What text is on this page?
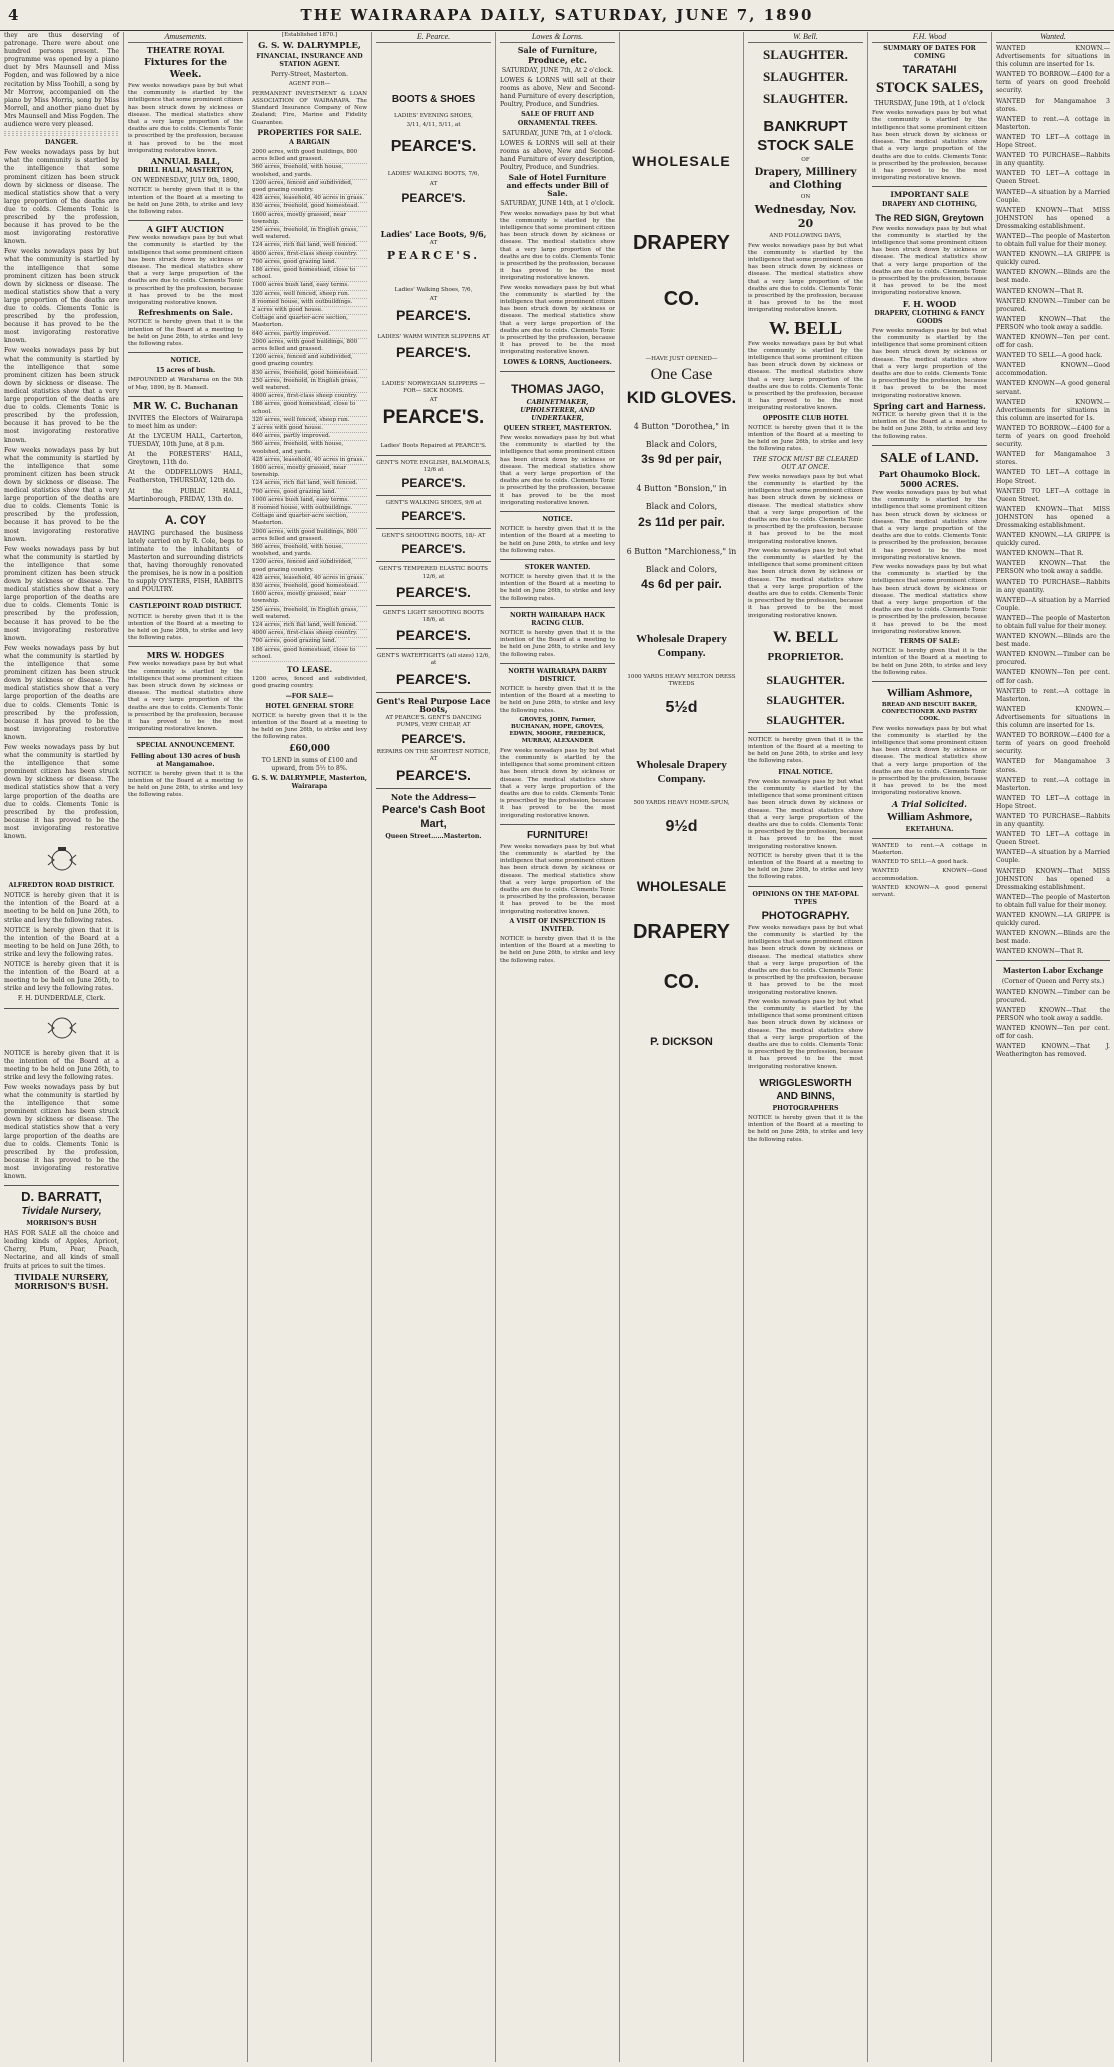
4	THE WAIRARAPA DAILY, SATURDAY, JUNE 7, 1890

they are thus deserving of patronage. There were about one hundred persons present. The programme was opened by a piano duet by Mrs Maunsell and Miss Fogden, and was followed by a nice recitation by Miss Toohill, a song by Mr Morrow, accompanied on the piano by Miss Morris, song by Miss Morrell, and another piano duet by Mrs Maunsell and Miss Fogden. The audience were very pleased.

DANGER.

Few weeks nowadays pass by but what the community is startled by the intelligence that some prominent citizen has been struck down by sickness or disease. The medical statistics show that a very large proportion of the deaths are due to colds. Clements Tonic is prescribed by the profession, because it has proved to be the most invigorating restorative known.

Few weeks nowadays pass by but what the community is startled by the intelligence that some prominent citizen has been struck down by sickness or disease. The medical statistics show that a very large proportion of the deaths are due to colds. Clements Tonic is prescribed by the profession, because it has proved to be the most invigorating restorative known.

Few weeks nowadays pass by but what the community is startled by the intelligence that some prominent citizen has been struck down by sickness or disease. The medical statistics show that a very large proportion of the deaths are due to colds. Clements Tonic is prescribed by the profession, because it has proved to be the most invigorating restorative known.

Few weeks nowadays pass by but what the community is startled by the intelligence that some prominent citizen has been struck down by sickness or disease. The medical statistics show that a very large proportion of the deaths are due to colds. Clements Tonic is prescribed by the profession, because it has proved to be the most invigorating restorative known.

Few weeks nowadays pass by but what the community is startled by the intelligence that some prominent citizen has been struck down by sickness or disease. The medical statistics show that a very large proportion of the deaths are due to colds. Clements Tonic is prescribed by the profession, because it has proved to be the most invigorating restorative known.

Few weeks nowadays pass by but what the community is startled by the intelligence that some prominent citizen has been struck down by sickness or disease. The medical statistics show that a very large proportion of the deaths are due to colds. Clements Tonic is prescribed by the profession, because it has proved to be the most invigorating restorative known.

Few weeks nowadays pass by but what the community is startled by the intelligence that some prominent citizen has been struck down by sickness or disease. The medical statistics show that a very large proportion of the deaths are due to colds. Clements Tonic is prescribed by the profession, because it has proved to be the most invigorating restorative known.

ALFREDTON ROAD DISTRICT.

NOTICE is hereby given that it is the intention of the Board at a meeting to be held on June 26th, to strike and levy the following rates.

NOTICE is hereby given that it is the intention of the Board at a meeting to be held on June 26th, to strike and levy the following rates.

NOTICE is hereby given that it is the intention of the Board at a meeting to be held on June 26th, to strike and levy the following rates.

F. H. DUNDERDALE, Clerk.

NOTICE is hereby given that it is the intention of the Board at a meeting to be held on June 26th, to strike and levy the following rates.

Few weeks nowadays pass by but what the community is startled by the intelligence that some prominent citizen has been struck down by sickness or disease. The medical statistics show that a very large proportion of the deaths are due to colds. Clements Tonic is prescribed by the profession, because it has proved to be the most invigorating restorative known.

D. BARRATT,

Tividale Nursery,

MORRISON'S BUSH

HAS FOR SALE all the choice and leading kinds of Apples, Apricot, Cherry, Plum, Pear, Peach, Nectarine, and all kinds of small fruits at prices to suit the times.

TIVIDALE NURSERY, MORRISON'S BUSH.

Amusements.

THEATRE ROYAL

Fixtures for the Week.

Few weeks nowadays pass by but what the community is startled by the intelligence that some prominent citizen has been struck down by sickness or disease. The medical statistics show that a very large proportion of the deaths are due to colds. Clements Tonic is prescribed by the profession, because it has proved to be the most invigorating restorative known.

ANNUAL BALL,

DRILL HALL, MASTERTON,

ON WEDNESDAY, JULY 9th, 1890,

NOTICE is hereby given that it is the intention of the Board at a meeting to be held on June 26th, to strike and levy the following rates.

A GIFT AUCTION

Few weeks nowadays pass by but what the community is startled by the intelligence that some prominent citizen has been struck down by sickness or disease. The medical statistics show that a very large proportion of the deaths are due to colds. Clements Tonic is prescribed by the profession, because it has proved to be the most invigorating restorative known.

Refreshments on Sale.

NOTICE is hereby given that it is the intention of the Board at a meeting to be held on June 26th, to strike and levy the following rates.

NOTICE.

15 acres of bush.

IMPOUNDED at Waraharua on the 5th of May, 1890, by B. Mansell.

MR W. C. Buchanan

INVITES the Electors of Wairarapa to meet him as under:

At the LYCEUM HALL, Carterton, TUESDAY, 10th June, at 8 p.m.

At the FORESTERS' HALL, Greytown, 11th do.

At the ODDFELLOWS HALL, Featherston, THURSDAY, 12th do.

At the PUBLIC HALL, Martinborough, FRIDAY, 13th do.

A. COY

HAVING purchased the business lately carried on by R. Cole, begs to intimate to the inhabitants of Masterton and surrounding districts that, having thoroughly renovated the premises, he is now in a position to supply OYSTERS, FISH, RABBITS and POULTRY.

CASTLEPOINT ROAD DISTRICT.

NOTICE is hereby given that it is the intention of the Board at a meeting to be held on June 26th, to strike and levy the following rates.

MRS W. HODGES

Few weeks nowadays pass by but what the community is startled by the intelligence that some prominent citizen has been struck down by sickness or disease. The medical statistics show that a very large proportion of the deaths are due to colds. Clements Tonic is prescribed by the profession, because it has proved to be the most invigorating restorative known.

SPECIAL ANNOUNCEMENT.

Felling about 130 acres of bush at Mangamahoe.

NOTICE is hereby given that it is the intention of the Board at a meeting to be held on June 26th, to strike and levy the following rates.

[Established 1870.]

G. S. W. DALRYMPLE,

FINANCIAL, INSURANCE AND STATION AGENT.

Perry-Street, Masterton.

AGENT FOR—

PERMANENT INVESTMENT & LOAN ASSOCIATION OF WAIRARAPA. The Standard Insurance Company of New Zealand; Fire, Marine and Fidelity Guarantee.

PROPERTIES FOR SALE.

A BARGAIN

2000 acres, with good buildings, 800 acres felled and grassed.
560 acres, freehold, with house, woolshed, and yards.
1200 acres, fenced and subdivided, good grazing country.
428 acres, leasehold, 40 acres in grass.
830 acres, freehold, good homestead.
1600 acres, mostly grassed, near township.
250 acres, freehold, in English grass, well watered.
124 acres, rich flat land, well fenced.
4000 acres, first-class sheep country.
700 acres, good grazing land.
186 acres, good homestead, close to school.
1000 acres bush land, easy terms.
320 acres, well fenced, sheep run.
8 roomed house, with outbuildings.
2 acres with good house.
Cottage and quarter-acre section, Masterton.
640 acres, partly improved.
2000 acres, with good buildings, 800 acres felled and grassed.
1200 acres, fenced and subdivided, good grazing country.
830 acres, freehold, good homestead.
250 acres, freehold, in English grass, well watered.
4000 acres, first-class sheep country.
186 acres, good homestead, close to school.
320 acres, well fenced, sheep run.
2 acres with good house.
640 acres, partly improved.
560 acres, freehold, with house, woolshed, and yards.
428 acres, leasehold, 40 acres in grass.
1600 acres, mostly grassed, near township.
124 acres, rich flat land, well fenced.
700 acres, good grazing land.
1000 acres bush land, easy terms.
8 roomed house, with outbuildings.
Cottage and quarter-acre section, Masterton.
2000 acres, with good buildings, 800 acres felled and grassed.
560 acres, freehold, with house, woolshed, and yards.
1200 acres, fenced and subdivided, good grazing country.
428 acres, leasehold, 40 acres in grass.
830 acres, freehold, good homestead.
1600 acres, mostly grassed, near township.
250 acres, freehold, in English grass, well watered.
124 acres, rich flat land, well fenced.
4000 acres, first-class sheep country.
700 acres, good grazing land.
186 acres, good homestead, close to school.

TO LEASE.

1200 acres, fenced and subdivided, good grazing country.

—FOR SALE—

HOTEL GENERAL STORE

NOTICE is hereby given that it is the intention of the Board at a meeting to be held on June 26th, to strike and levy the following rates.

£60,000

TO LEND in sums of £100 and upward, from 5½ to 8%.

G. S. W. DALRYMPLE, Masterton, Wairarapa

E. Pearce.

BOOTS & SHOES

LADIES' EVENING SHOES,

3/11, 4/11, 5/11, at

PEARCE'S.

LADIES' WALKING BOOTS, 7/6,

AT

PEARCE'S.

Ladies' Lace Boots, 9/6,

AT

PEARCE'S.

Ladies' Walking Shoes, 7/6,

AT

PEARCE'S.

LADIES' WARM WINTER SLIPPERS AT

PEARCE'S.

LADIES' NORWEGIAN SLIPPERS —FOR— SICK ROOMS.

AT

PEARCE'S.

Ladies' Boots Repaired at PEARCE'S.

GENT'S NOTE ENGLISH, BALMORALS, 12/6 at

PEARCE'S.

GENT'S WALKING SHOES, 9/6 at

PEARCE'S.

GENT'S SHOOTING BOOTS, 18/- AT

PEARCE'S.

GENT'S TEMPERED ELASTIC BOOTS 12/6, at

PEARCE'S.

GENT'S LIGHT SHOOTING BOOTS 18/6, at

PEARCE'S.

GENT'S WATERTIGHTS (all sizes) 12/6, at

PEARCE'S.

Gent's Real Purpose Lace Boots,

AT PEARCE'S. GENT'S DANCING PUMPS, VERY CHEAP, AT

PEARCE'S.

REPAIRS ON THE SHORTEST NOTICE, AT

PEARCE'S.

Note the Address—

Pearce's Cash Boot Mart,

Queen Street……Masterton.

Lowes & Lorns.

Sale of Furniture, Produce, etc.

SATURDAY, JUNE 7th, At 2 o'clock.

LOWES & LORNS will sell at their rooms as above, New and Second-hand Furniture of every description, Poultry, Produce, and Sundries.

SALE OF FRUIT AND ORNAMENTAL TREES.

SATURDAY, JUNE 7th, at 1 o'clock.

LOWES & LORNS will sell at their rooms as above, New and Second-hand Furniture of every description, Poultry, Produce, and Sundries.

Sale of Hotel Furniture and effects under Bill of Sale.

SATURDAY, JUNE 14th, at 1 o'clock.

Few weeks nowadays pass by but what the community is startled by the intelligence that some prominent citizen has been struck down by sickness or disease. The medical statistics show that a very large proportion of the deaths are due to colds. Clements Tonic is prescribed by the profession, because it has proved to be the most invigorating restorative known.

Few weeks nowadays pass by but what the community is startled by the intelligence that some prominent citizen has been struck down by sickness or disease. The medical statistics show that a very large proportion of the deaths are due to colds. Clements Tonic is prescribed by the profession, because it has proved to be the most invigorating restorative known.

LOWES & LORNS, Auctioneers.

THOMAS JAGO,

CABINETMAKER, UPHOLSTERER, AND UNDERTAKER,

QUEEN STREET, MASTERTON.

Few weeks nowadays pass by but what the community is startled by the intelligence that some prominent citizen has been struck down by sickness or disease. The medical statistics show that a very large proportion of the deaths are due to colds. Clements Tonic is prescribed by the profession, because it has proved to be the most invigorating restorative known.

NOTICE.

NOTICE is hereby given that it is the intention of the Board at a meeting to be held on June 26th, to strike and levy the following rates.

STOKER WANTED.

NOTICE is hereby given that it is the intention of the Board at a meeting to be held on June 26th, to strike and levy the following rates.

NORTH WAIRARAPA HACK RACING CLUB.

NOTICE is hereby given that it is the intention of the Board at a meeting to be held on June 26th, to strike and levy the following rates.

NORTH WAIRARAPA DARBY DISTRICT.

NOTICE is hereby given that it is the intention of the Board at a meeting to be held on June 26th, to strike and levy the following rates.

GROVES, JOHN, Farmer, BUCHANAN, HOPE, GROVES, EDWIN, MOORE, FREDERICK, MURRAY, ALEXANDER

Few weeks nowadays pass by but what the community is startled by the intelligence that some prominent citizen has been struck down by sickness or disease. The medical statistics show that a very large proportion of the deaths are due to colds. Clements Tonic is prescribed by the profession, because it has proved to be the most invigorating restorative known.

FURNITURE!

Few weeks nowadays pass by but what the community is startled by the intelligence that some prominent citizen has been struck down by sickness or disease. The medical statistics show that a very large proportion of the deaths are due to colds. Clements Tonic is prescribed by the profession, because it has proved to be the most invigorating restorative known.

A VISIT OF INSPECTION IS INVITED.

NOTICE is hereby given that it is the intention of the Board at a meeting to be held on June 26th, to strike and levy the following rates.

WHOLESALE

DRAPERY

CO.

—HAVE JUST OPENED—

One Case

KID GLOVES.

4 Button "Dorothea," in

Black and Colors,

3s 9d per pair,

4 Button "Bonsion," in

Black and Colors,

2s 11d per pair.

6 Button "Marchioness," in

Black and Colors,

4s 6d per pair.

Wholesale Drapery Company.

1000 YARDS HEAVY MELTON DRESS TWEEDS

5½d

Wholesale Drapery Company.

500 YARDS HEAVY HOME-SPUN,

9½d

WHOLESALE

DRAPERY

CO.

P. DICKSON

W. Bell.

SLAUGHTER.

SLAUGHTER.

SLAUGHTER.

BANKRUPT STOCK SALE

OF

Drapery, Millinery and Clothing

ON

Wednesday, Nov. 20

AND FOLLOWING DAYS,

Few weeks nowadays pass by but what the community is startled by the intelligence that some prominent citizen has been struck down by sickness or disease. The medical statistics show that a very large proportion of the deaths are due to colds. Clements Tonic is prescribed by the profession, because it has proved to be the most invigorating restorative known.

W. BELL

Few weeks nowadays pass by but what the community is startled by the intelligence that some prominent citizen has been struck down by sickness or disease. The medical statistics show that a very large proportion of the deaths are due to colds. Clements Tonic is prescribed by the profession, because it has proved to be the most invigorating restorative known.

OPPOSITE CLUB HOTEL

NOTICE is hereby given that it is the intention of the Board at a meeting to be held on June 26th, to strike and levy the following rates.

THE STOCK MUST BE CLEARED OUT AT ONCE.

Few weeks nowadays pass by but what the community is startled by the intelligence that some prominent citizen has been struck down by sickness or disease. The medical statistics show that a very large proportion of the deaths are due to colds. Clements Tonic is prescribed by the profession, because it has proved to be the most invigorating restorative known.

Few weeks nowadays pass by but what the community is startled by the intelligence that some prominent citizen has been struck down by sickness or disease. The medical statistics show that a very large proportion of the deaths are due to colds. Clements Tonic is prescribed by the profession, because it has proved to be the most invigorating restorative known.

W. BELL

PROPRIETOR.

SLAUGHTER.

SLAUGHTER.

SLAUGHTER.

NOTICE is hereby given that it is the intention of the Board at a meeting to be held on June 26th, to strike and levy the following rates.

FINAL NOTICE.

Few weeks nowadays pass by but what the community is startled by the intelligence that some prominent citizen has been struck down by sickness or disease. The medical statistics show that a very large proportion of the deaths are due to colds. Clements Tonic is prescribed by the profession, because it has proved to be the most invigorating restorative known.

NOTICE is hereby given that it is the intention of the Board at a meeting to be held on June 26th, to strike and levy the following rates.

OPINIONS ON THE MAT-OPAL TYPES

PHOTOGRAPHY.

Few weeks nowadays pass by but what the community is startled by the intelligence that some prominent citizen has been struck down by sickness or disease. The medical statistics show that a very large proportion of the deaths are due to colds. Clements Tonic is prescribed by the profession, because it has proved to be the most invigorating restorative known.

Few weeks nowadays pass by but what the community is startled by the intelligence that some prominent citizen has been struck down by sickness or disease. The medical statistics show that a very large proportion of the deaths are due to colds. Clements Tonic is prescribed by the profession, because it has proved to be the most invigorating restorative known.

WRIGGLESWORTH AND BINNS,

PHOTOGRAPHERS

NOTICE is hereby given that it is the intention of the Board at a meeting to be held on June 26th, to strike and levy the following rates.

F.H. Wood

SUMMARY OF DATES FOR COMING

TARATAHI

STOCK SALES,

THURSDAY, June 19th, at 1 o'clock

Few weeks nowadays pass by but what the community is startled by the intelligence that some prominent citizen has been struck down by sickness or disease. The medical statistics show that a very large proportion of the deaths are due to colds. Clements Tonic is prescribed by the profession, because it has proved to be the most invigorating restorative known.

IMPORTANT SALE

DRAPERY AND CLOTHING,

The RED SIGN, Greytown

Few weeks nowadays pass by but what the community is startled by the intelligence that some prominent citizen has been struck down by sickness or disease. The medical statistics show that a very large proportion of the deaths are due to colds. Clements Tonic is prescribed by the profession, because it has proved to be the most invigorating restorative known.

F. H. WOOD

DRAPERY, CLOTHING & FANCY GOODS

Few weeks nowadays pass by but what the community is startled by the intelligence that some prominent citizen has been struck down by sickness or disease. The medical statistics show that a very large proportion of the deaths are due to colds. Clements Tonic is prescribed by the profession, because it has proved to be the most invigorating restorative known.

Spring cart and Harness.

NOTICE is hereby given that it is the intention of the Board at a meeting to be held on June 26th, to strike and levy the following rates.

SALE of LAND.

Part Ohaumoko Block.

5000 ACRES.

Few weeks nowadays pass by but what the community is startled by the intelligence that some prominent citizen has been struck down by sickness or disease. The medical statistics show that a very large proportion of the deaths are due to colds. Clements Tonic is prescribed by the profession, because it has proved to be the most invigorating restorative known.

Few weeks nowadays pass by but what the community is startled by the intelligence that some prominent citizen has been struck down by sickness or disease. The medical statistics show that a very large proportion of the deaths are due to colds. Clements Tonic is prescribed by the profession, because it has proved to be the most invigorating restorative known.

TERMS OF SALE:

NOTICE is hereby given that it is the intention of the Board at a meeting to be held on June 26th, to strike and levy the following rates.

William Ashmore,

BREAD AND BISCUIT BAKER, CONFECTIONER AND PASTRY COOK.

Few weeks nowadays pass by but what the community is startled by the intelligence that some prominent citizen has been struck down by sickness or disease. The medical statistics show that a very large proportion of the deaths are due to colds. Clements Tonic is prescribed by the profession, because it has proved to be the most invigorating restorative known.

A Trial Solicited.

William Ashmore,

EKETAHUNA.

WANTED to rent.—A cottage in Masterton.

WANTED TO SELL—A good hack.

WANTED KNOWN—Good accommodation.

WANTED KNOWN—A good general servant.

Wanted.

WANTED KNOWN.—Advertisements for situations in this column are inserted for 1s.

WANTED TO BORROW.—£400 for a term of years on good freehold security.

WANTED for Mangamahoe 3 stores.

WANTED to rent.—A cottage in Masterton.

WANTED TO LET—A cottage in Hope Street.

WANTED TO PURCHASE—Rabbits in any quantity.

WANTED TO LET—A cottage in Queen Street.

WANTED—A situation by a Married Couple.

WANTED KNOWN—That MISS JOHNSTON has opened a Dressmaking establishment.

WANTED—The people of Masterton to obtain full value for their money.

WANTED KNOWN.—LA GRIPPE is quickly cured.

WANTED KNOWN.—Blinds are the best made.

WANTED KNOWN—That R.

WANTED KNOWN.—Timber can be procured.

WANTED KNOWN—That the PERSON who took away a saddle.

WANTED KNOWN—Ten per cent. off for cash.

WANTED TO SELL—A good hack.

WANTED KNOWN—Good accommodation.

WANTED KNOWN—A good general servant.

WANTED KNOWN.—Advertisements for situations in this column are inserted for 1s.

WANTED TO BORROW.—£400 for a term of years on good freehold security.

WANTED for Mangamahoe 3 stores.

WANTED TO LET—A cottage in Hope Street.

WANTED TO LET—A cottage in Queen Street.

WANTED KNOWN—That MISS JOHNSTON has opened a Dressmaking establishment.

WANTED KNOWN.—LA GRIPPE is quickly cured.

WANTED KNOWN—That R.

WANTED KNOWN—That the PERSON who took away a saddle.

WANTED TO PURCHASE—Rabbits in any quantity.

WANTED—A situation by a Married Couple.

WANTED—The people of Masterton to obtain full value for their money.

WANTED KNOWN.—Blinds are the best made.

WANTED KNOWN.—Timber can be procured.

WANTED KNOWN—Ten per cent. off for cash.

WANTED to rent.—A cottage in Masterton.

WANTED KNOWN.—Advertisements for situations in this column are inserted for 1s.

WANTED TO BORROW.—£400 for a term of years on good freehold security.

WANTED for Mangamahoe 3 stores.

WANTED to rent.—A cottage in Masterton.

WANTED TO LET—A cottage in Hope Street.

WANTED TO PURCHASE—Rabbits in any quantity.

WANTED TO LET—A cottage in Queen Street.

WANTED—A situation by a Married Couple.

WANTED KNOWN—That MISS JOHNSTON has opened a Dressmaking establishment.

WANTED—The people of Masterton to obtain full value for their money.

WANTED KNOWN.—LA GRIPPE is quickly cured.

WANTED KNOWN.—Blinds are the best made.

WANTED KNOWN—That R.

Masterton Labor Exchange

(Corner of Queen and Perry sts.)

WANTED KNOWN.—Timber can be procured.

WANTED KNOWN—That the PERSON who took away a saddle.

WANTED KNOWN—Ten per cent. off for cash.

WANTED KNOWN.—That J. Weatherington has removed.
